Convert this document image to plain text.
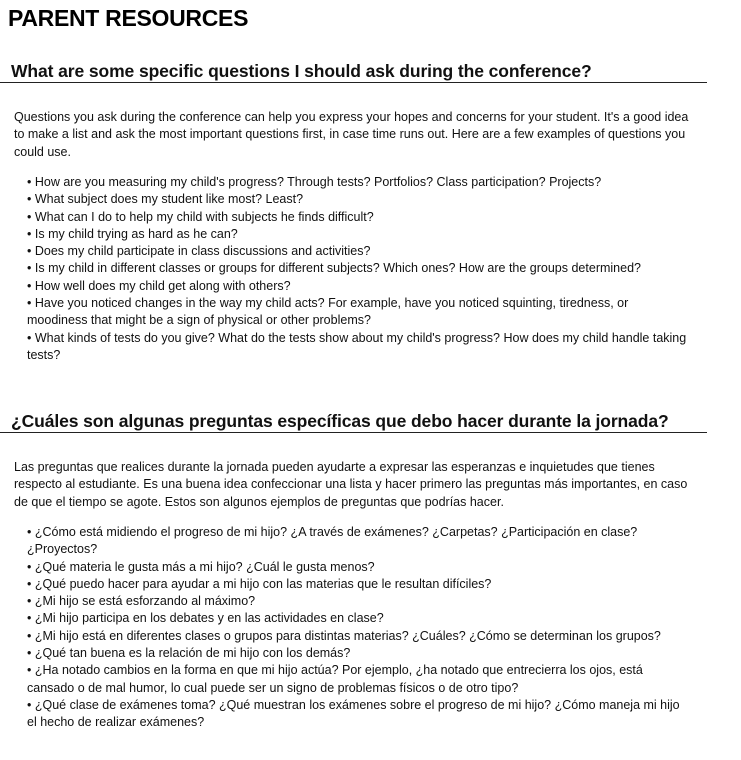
PARENT RESOURCES
What are some specific questions I should ask during the conference?

Questions you ask during the conference can help you express your hopes and concerns for your student. It's a good idea to make a list and ask the most important questions first, in case time runs out. Here are a few examples of questions you could use.

• How are you measuring my child's progress? Through tests? Portfolios? Class participation? Projects?
• What subject does my student like most? Least?
• What can I do to help my child with subjects he finds difficult?
• Is my child trying as hard as he can?
• Does my child participate in class discussions and activities?
• Is my child in different classes or groups for different subjects? Which ones? How are the groups determined?
• How well does my child get along with others?
• Have you noticed changes in the way my child acts? For example, have you noticed squinting, tiredness, or moodiness that might be a sign of physical or other problems?
• What kinds of tests do you give? What do the tests show about my child's progress? How does my child handle taking tests?
¿Cuáles son algunas preguntas específicas que debo hacer durante la jornada?

Las preguntas que realices durante la jornada pueden ayudarte a expresar las esperanzas e inquietudes que tienes respecto al estudiante. Es una buena idea confeccionar una lista y hacer primero las preguntas más importantes, en caso de que el tiempo se agote. Estos son algunos ejemplos de preguntas que podrías hacer.

• ¿Cómo está midiendo el progreso de mi hijo? ¿A través de exámenes? ¿Carpetas? ¿Participación en clase? ¿Proyectos?
• ¿Qué materia le gusta más a mi hijo? ¿Cuál le gusta menos?
• ¿Qué puedo hacer para ayudar a mi hijo con las materias que le resultan difíciles?
• ¿Mi hijo se está esforzando al máximo?
• ¿Mi hijo participa en los debates y en las actividades en clase?
• ¿Mi hijo está en diferentes clases o grupos para distintas materias? ¿Cuáles? ¿Cómo se determinan los grupos?
• ¿Qué tan buena es la relación de mi hijo con los demás?
• ¿Ha notado cambios en la forma en que mi hijo actúa? Por ejemplo, ¿ha notado que entrecierra los ojos, está cansado o de mal humor, lo cual puede ser un signo de problemas físicos o de otro tipo?
• ¿Qué clase de exámenes toma? ¿Qué muestran los exámenes sobre el progreso de mi hijo? ¿Cómo maneja mi hijo el hecho de realizar exámenes?
